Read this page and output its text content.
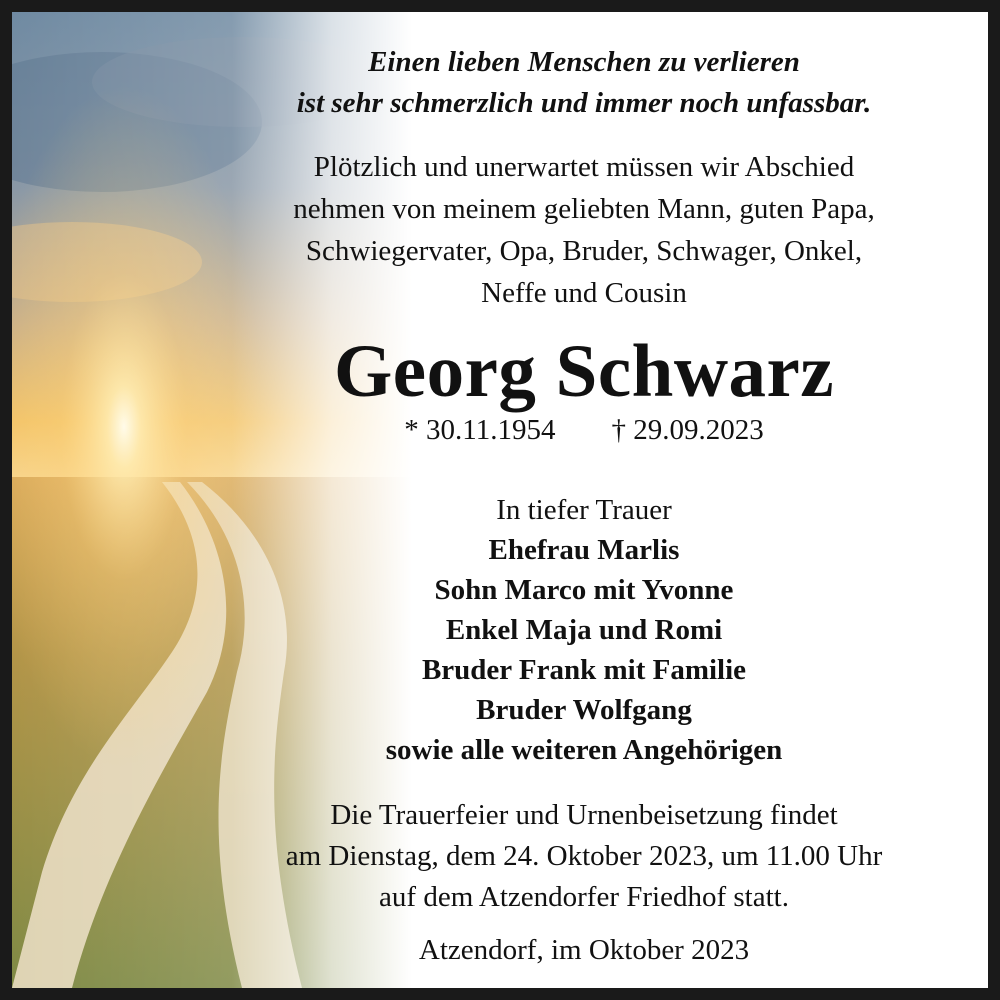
Einen lieben Menschen zu verlieren
ist sehr schmerzlich und immer noch unfassbar.
Plötzlich und unerwartet müssen wir Abschied
nehmen von meinem geliebten Mann, guten Papa,
Schwiegervater, Opa, Bruder, Schwager, Onkel,
Neffe und Cousin
Georg Schwarz
* 30.11.1954 † 29.09.2023
In tiefer Trauer
Ehefrau Marlis
Sohn Marco mit Yvonne
Enkel Maja und Romi
Bruder Frank mit Familie
Bruder Wolfgang
sowie alle weiteren Angehörigen
Die Trauerfeier und Urnenbeisetzung findet
am Dienstag, dem 24. Oktober 2023, um 11.00 Uhr
auf dem Atzendorfer Friedhof statt.
Atzendorf, im Oktober 2023
